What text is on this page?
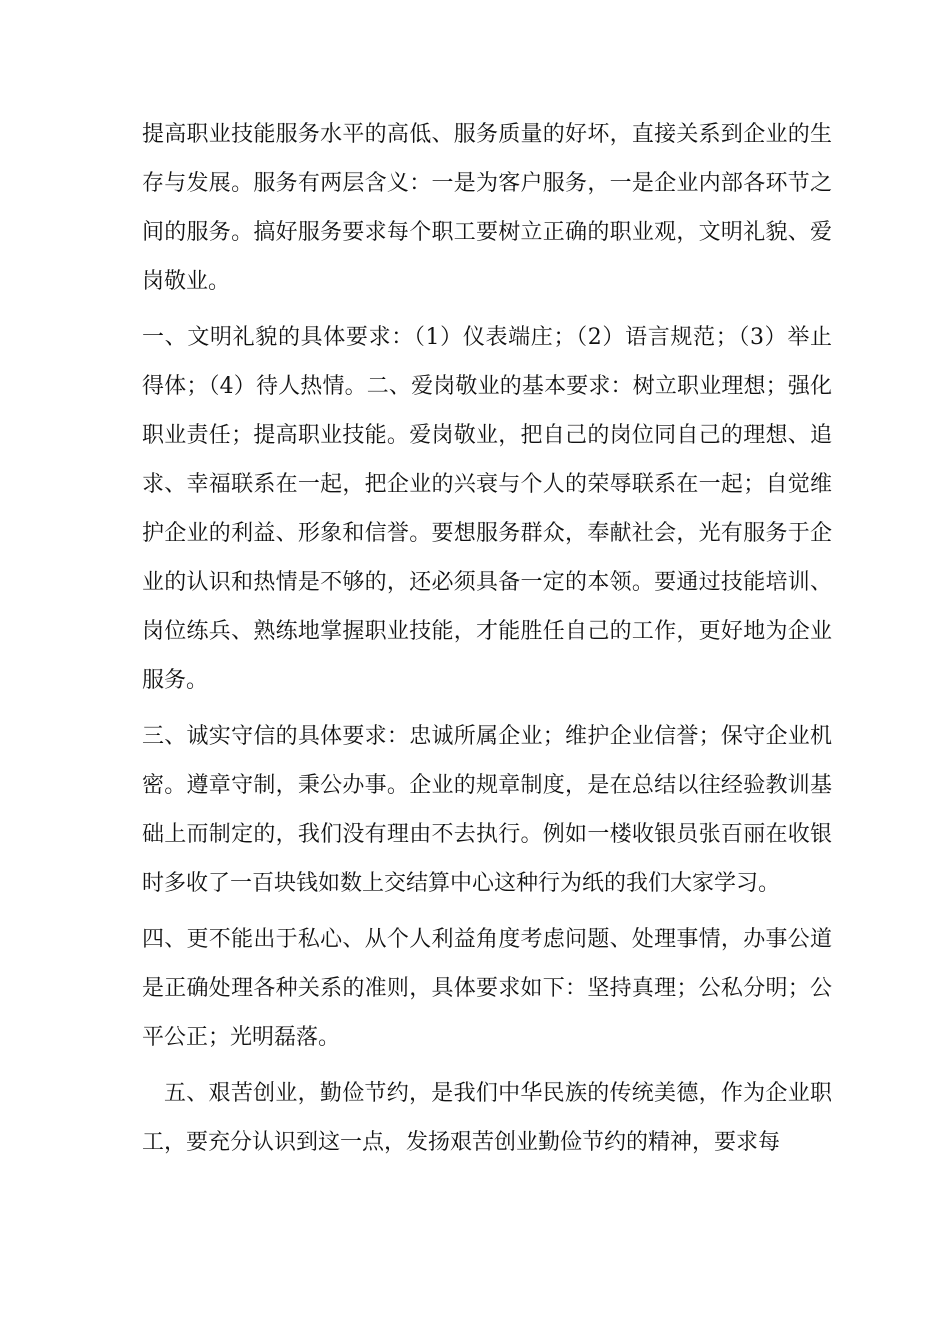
提高职业技能服务水平的高低、服务质量的好坏，直接关系到企业的生存与发展。服务有两层含义：一是为客户服务，一是企业内部各环节之间的服务。搞好服务要求每个职工要树立正确的职业观，文明礼貌、爱岗敬业。

一、文明礼貌的具体要求：（1）仪表端庄；（2）语言规范；（3）举止得体；（4）待人热情。二、爱岗敬业的基本要求：树立职业理想；强化职业责任；提高职业技能。爱岗敬业，把自己的岗位同自己的理想、追求、幸福联系在一起，把企业的兴衰与个人的荣辱联系在一起；自觉维护企业的利益、形象和信誉。要想服务群众，奉献社会，光有服务于企业的认识和热情是不够的，还必须具备一定的本领。要通过技能培训、岗位练兵、熟练地掌握职业技能，才能胜任自己的工作，更好地为企业服务。

三、诚实守信的具体要求：忠诚所属企业；维护企业信誉；保守企业机密。遵章守制，秉公办事。企业的规章制度，是在总结以往经验教训基础上而制定的，我们没有理由不去执行。例如一楼收银员张百丽在收银时多收了一百块钱如数上交结算中心这种行为纸的我们大家学习。

四、更不能出于私心、从个人利益角度考虑问题、处理事情，办事公道是正确处理各种关系的准则，具体要求如下：坚持真理；公私分明；公平公正；光明磊落。

五、艰苦创业，勤俭节约，是我们中华民族的传统美德，作为企业职工，要充分认识到这一点，发扬艰苦创业勤俭节约的精神，要求每
